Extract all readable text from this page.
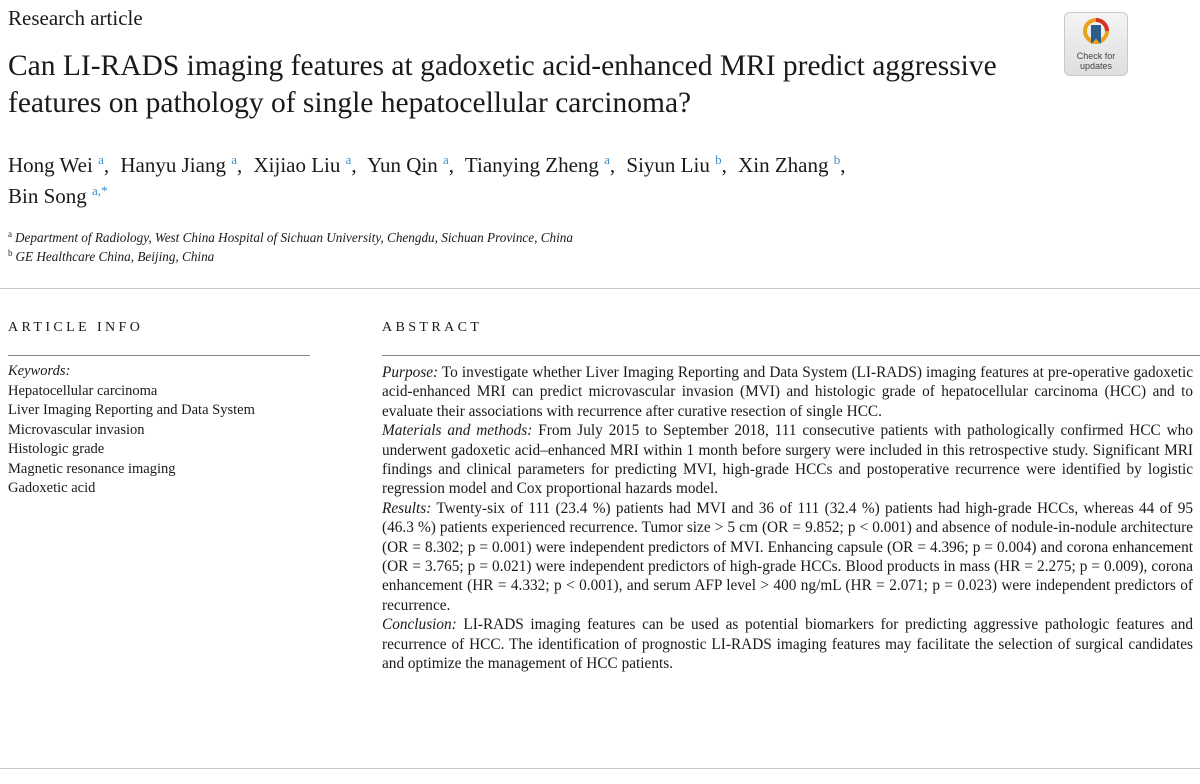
Research article
Check for
updates
Can LI-RADS imaging features at gadoxetic acid-enhanced MRI predict aggressive features on pathology of single hepatocellular carcinoma?
Hong Wei $^a$, Hanyu Jiang $^a$, Xijiao Liu $^a$, Yun Qin $^a$, Tianying Zheng $^a$, Siyun Liu $^b$, Xin Zhang $^b$,
Bin Song $^{a,*}$
$^a$ Department of Radiology, West China Hospital of Sichuan University, Chengdu, Sichuan Province, China
$^b$ GE Healthcare China, Beijing, China
ARTICLE INFO	ABSTRACT
Keywords:
Hepatocellular carcinoma
Liver Imaging Reporting and Data System
Microvascular invasion
Histologic grade
Magnetic resonance imaging
Gadoxetic acid

Purpose: To investigate whether Liver Imaging Reporting and Data System (LI-RADS) imaging features at pre-operative gadoxetic acid-enhanced MRI can predict microvascular invasion (MVI) and histologic grade of hepatocellular carcinoma (HCC) and to evaluate their associations with recurrence after curative resection of single HCC.

Materials and methods: From July 2015 to September 2018, 111 consecutive patients with pathologically confirmed HCC who underwent gadoxetic acid–enhanced MRI within 1 month before surgery were included in this retrospective study. Significant MRI findings and clinical parameters for predicting MVI, high-grade HCCs and postoperative recurrence were identified by logistic regression model and Cox proportional hazards model.

Results: Twenty-six of 111 (23.4 %) patients had MVI and 36 of 111 (32.4 %) patients had high-grade HCCs, whereas 44 of 95 (46.3 %) patients experienced recurrence. Tumor size > 5 cm (OR = 9.852; p < 0.001) and absence of nodule-in-nodule architecture (OR = 8.302; p = 0.001) were independent predictors of MVI. Enhancing capsule (OR = 4.396; p = 0.004) and corona enhancement (OR = 3.765; p = 0.021) were independent predictors of high-grade HCCs. Blood products in mass (HR = 2.275; p = 0.009), corona enhancement (HR = 4.332; p < 0.001), and serum AFP level > 400 ng/mL (HR = 2.071; p = 0.023) were independent predictors of recurrence.

Conclusion: LI-RADS imaging features can be used as potential biomarkers for predicting aggressive pathologic features and recurrence of HCC. The identification of prognostic LI-RADS imaging features may facilitate the selection of surgical candidates and optimize the management of HCC patients.
